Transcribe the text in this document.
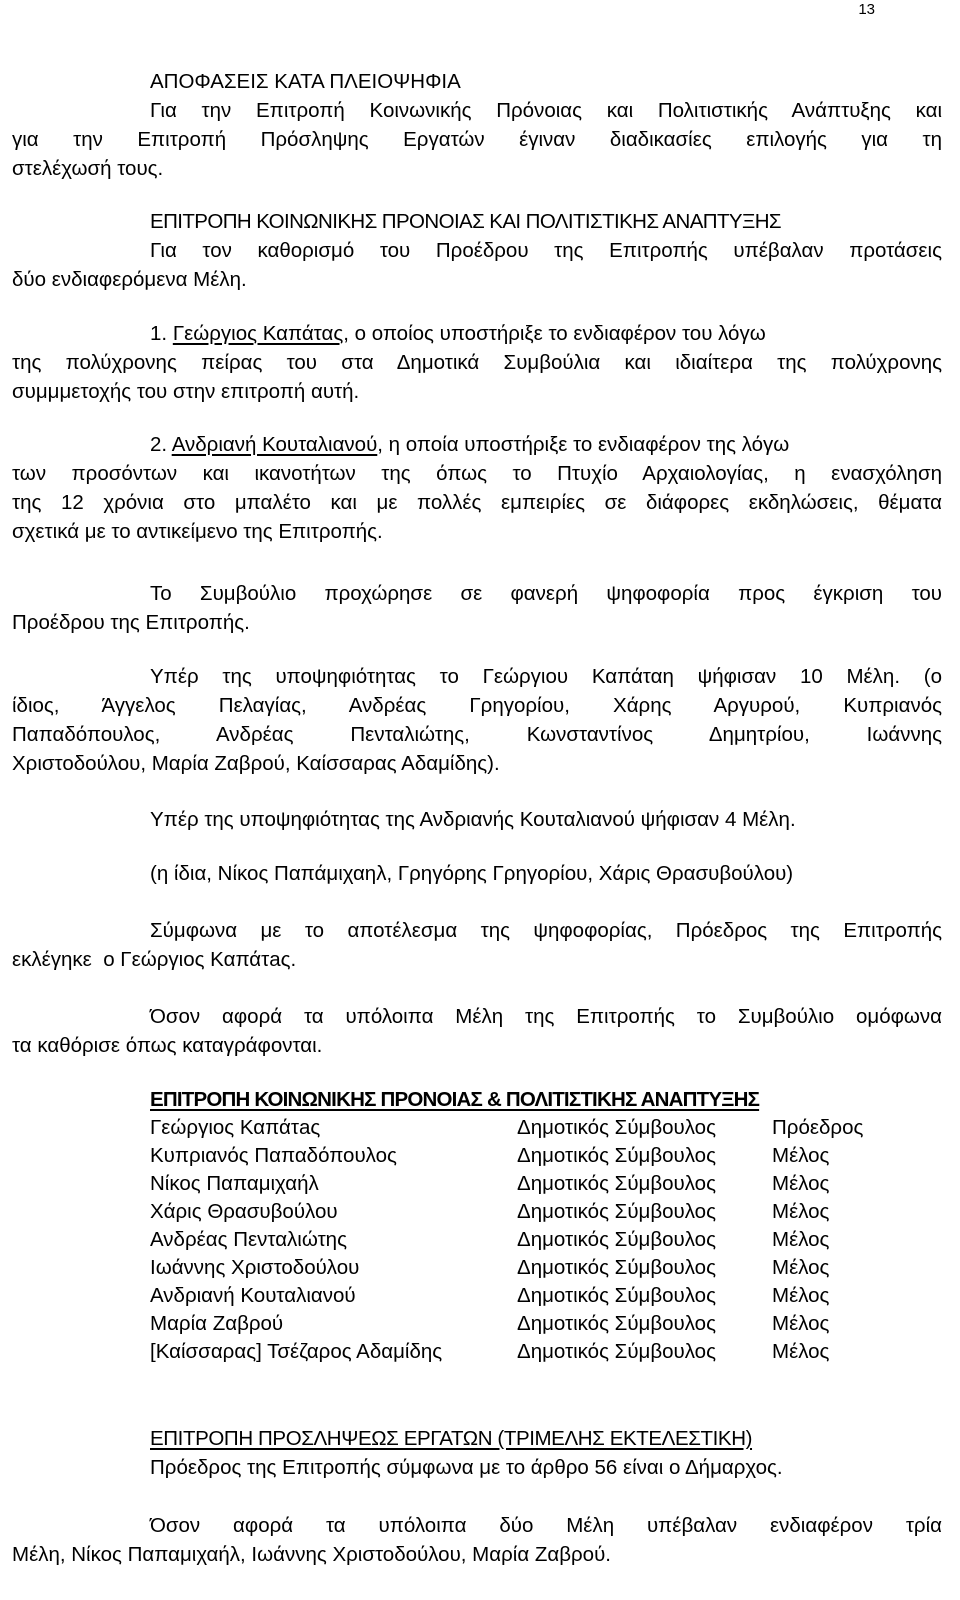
13
ΑΠΟΦΑΣΕΙΣ ΚΑΤΑ ΠΛΕΙΟΨΗΦΙΑ
Για την Επιτροπή Κοινωνικής Πρόνοιας και Πολιτιστικής Ανάπτυξης και
για την Επιτροπή Πρόσληψης Εργατών έγιναν διαδικασίες επιλογής για τη
στελέχωσή τους.
ΕΠΙΤΡΟΠΗ ΚΟΙΝΩΝΙΚΗΣ ΠΡΟΝΟΙΑΣ ΚΑΙ ΠΟΛΙΤΙΣΤΙΚΗΣ ΑΝΑΠΤΥΞΗΣ
Για τον καθορισμό του Προέδρου της Επιτροπής υπέβαλαν προτάσεις
δύο ενδιαφερόμενα Μέλη.
1. Γεώργιος Καπάτας, ο οποίος υποστήριξε το ενδιαφέρον του λόγω
της πολύχρονης πείρας του στα Δημοτικά Συμβούλια και ιδιαίτερα της πολύχρονης
συμμμετοχής του στην επιτροπή αυτή.
2. Ανδριανή Κουταλιανού, η οποία υποστήριξε το ενδιαφέρον της λόγω
των προσόντων και ικανοτήτων της όπως το Πτυχίο Αρχαιολογίας, η ενασχόληση
της 12 χρόνια στο μπαλέτο και με πολλές εμπειρίες σε διάφορες εκδηλώσεις, θέματα
σχετικά με το αντικείμενο της Επιτροπής.
Το Συμβούλιο προχώρησε σε φανερή ψηφοφορία προς έγκριση του
Προέδρου της Επιτροπής.
Υπέρ της υποψηφιότητας το Γεώργιου Καπάταη ψήφισαν 10 Μέλη. (ο
ίδιος, Άγγελος Πελαγίας, Ανδρέας Γρηγορίου, Χάρης Αργυρού, Κυπριανός
Παπαδόπουλος, Ανδρέας Πενταλιώτης, Κωνσταντίνος Δημητρίου, Ιωάννης
Χριστοδούλου, Μαρία Ζαβρού, Καίσσαρας Αδαμίδης).
Υπέρ της υποψηφιότητας της Ανδριανής Κουταλιανού ψήφισαν 4 Μέλη.
(η ίδια, Νίκος Παπάμιχαηλ, Γρηγόρης Γρηγορίου, Χάρις Θρασυβούλου)
Σύμφωνα με το αποτέλεσμα της ψηφοφορίας, Πρόεδρος της Επιτροπής
εκλέγηκε  ο Γεώργιος Καπάτaς.
Όσον αφορά τα υπόλοιπα Μέλη της Επιτροπής το Συμβούλιο ομόφωνα
τα καθόρισε όπως καταγράφονται.
ΕΠΙΤΡΟΠΗ ΚΟΙΝΩΝΙΚΗΣ ΠΡΟΝΟΙΑΣ & ΠΟΛΙΤΙΣΤΙΚΗΣ ΑΝΑΠΤΥΞΗΣ
Γεώργιος Καπάτaς	Δημοτικός Σύμβουλος	Πρόεδρος
Κυπριανός Παπαδόπουλος	Δημοτικός Σύμβουλος	Μέλος
Νίκος Παπαμιχαήλ	Δημοτικός Σύμβουλος	Μέλος
Χάρις Θρασυβούλου	Δημοτικός Σύμβουλος	Μέλος
Ανδρέας Πενταλιώτης	Δημοτικός Σύμβουλος	Μέλος
Ιωάννης Χριστοδούλου	Δημοτικός Σύμβουλος	Μέλος
Ανδριανή Κουταλιανού	Δημοτικός Σύμβουλος	Μέλος
Μαρία Ζαβρού	Δημοτικός Σύμβουλος	Μέλος
[Καίσσαρας] Τσέζαρος Αδαμίδης	Δημοτικός Σύμβουλος	Μέλος
ΕΠΙΤΡΟΠΗ ΠΡΟΣΛΗΨΕΩΣ ΕΡΓΑΤΩΝ (ΤΡΙΜΕΛΗΣ ΕΚΤΕΛΕΣΤΙΚΗ)
Πρόεδρος της Επιτροπής σύμφωνα με το άρθρο 56 είναι ο Δήμαρχος.
Όσον αφορά τα υπόλοιπα δύο Μέλη υπέβαλαν ενδιαφέρον τρία
Μέλη, Νίκος Παπαμιχαήλ, Ιωάννης Χριστοδούλου, Μαρία Ζαβρού.
